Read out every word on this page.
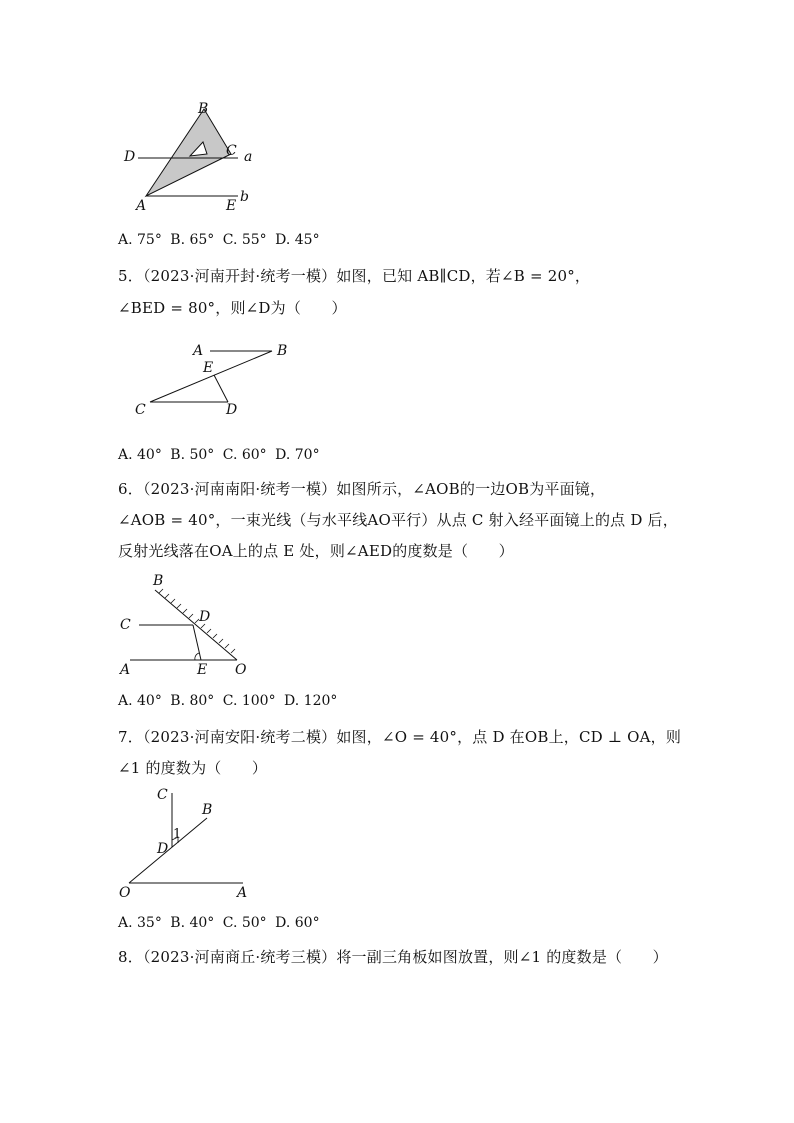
B
C a
D
A	E
b
A. 75° B. 65° C. 55° D. 45°
5．（2023·河南开封·统考一模）如图，已知 AB∥CD，若∠B = 20°，
∠BED = 80°，则∠D为（　　）
A	B
E
C	D
A. 40° B. 50° C. 60° D. 70°
6．（2023·河南南阳·统考一模）如图所示，∠AOB的一边OB为平面镜，
∠AOB = 40°，一束光线（与水平线AO平行）从点 C 射入经平面镜上的点 D 后，
反射光线落在OA上的点 E 处，则∠AED的度数是（　　）
B
D
C
A	E O
A. 40° B. 80° C. 100° D. 120°
7．（2023·河南安阳·统考二模）如图，∠O = 40°，点 D 在OB上，CD ⊥ OA，则
∠1 的度数为（　　）
C
B
1
D
O	A
A. 35° B. 40° C. 50° D. 60°
8．（2023·河南商丘·统考三模）将一副三角板如图放置，则∠1 的度数是（　　）
